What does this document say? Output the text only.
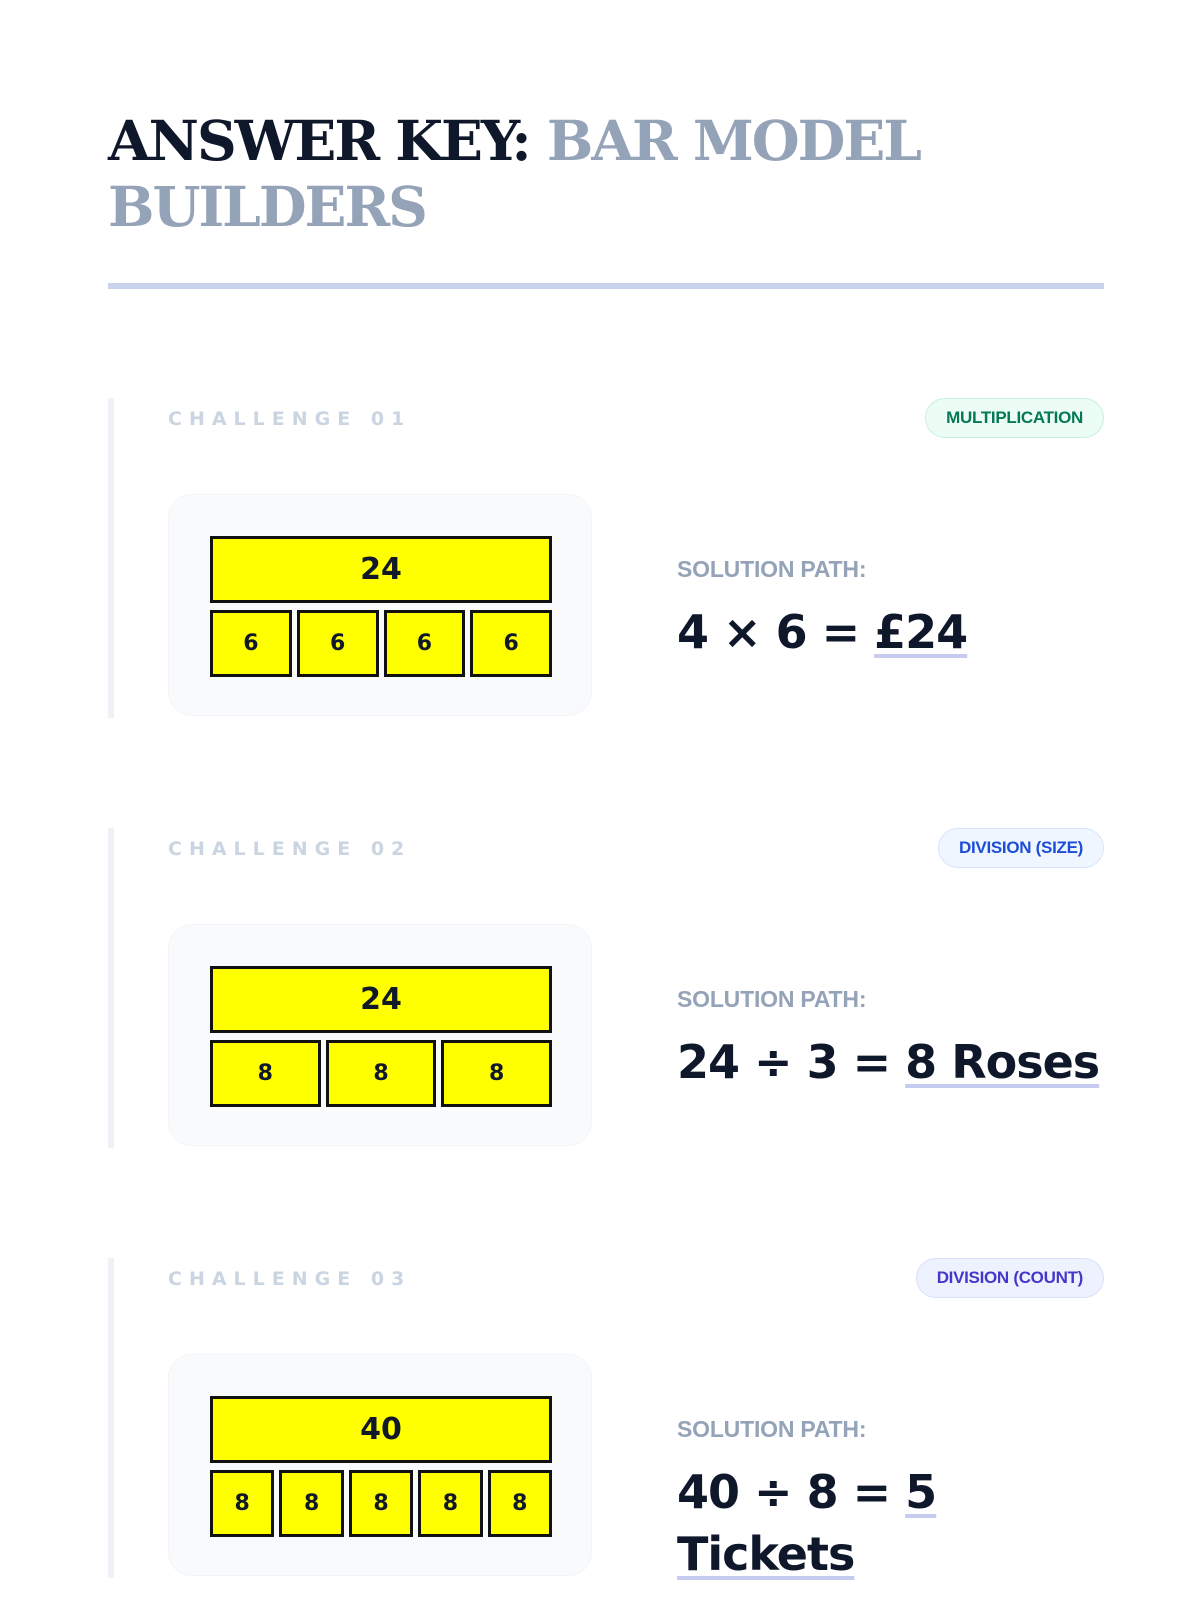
ANSWER KEY: BAR MODEL BUILDERS
CHALLENGE 01	MULTIPLICATION
24
6	6	6	6
SOLUTION PATH:
4 × 6 = £24
CHALLENGE 02	DIVISION (SIZE)
24
8	8	8
SOLUTION PATH:
24 ÷ 3 = 8 Roses
CHALLENGE 03	DIVISION (COUNT)
40
8	8	8	8	8
SOLUTION PATH:
40 ÷ 8 = 5 Tickets
